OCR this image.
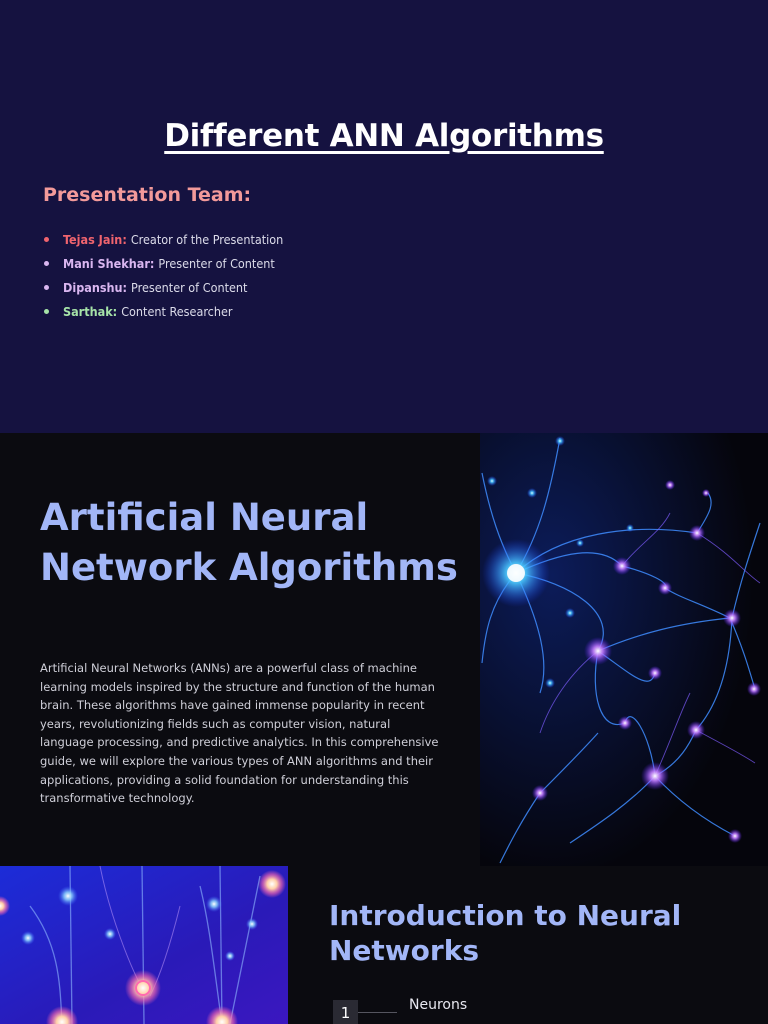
Different ANN Algorithms
Presentation Team:
Tejas Jain: Creator of the Presentation
Mani Shekhar: Presenter of Content
Dipanshu: Presenter of Content
Sarthak: Content Researcher
Artificial Neural Network Algorithms

Artificial Neural Networks (ANNs) are a powerful class of machine learning models inspired by the structure and function of the human brain. These algorithms have gained immense popularity in recent years, revolutionizing fields such as computer vision, natural language processing, and predictive analytics. In this comprehensive guide, we will explore the various types of ANN algorithms and their applications, providing a solid foundation for understanding this transformative technology.

Introduction to Neural Networks
1	Neurons
